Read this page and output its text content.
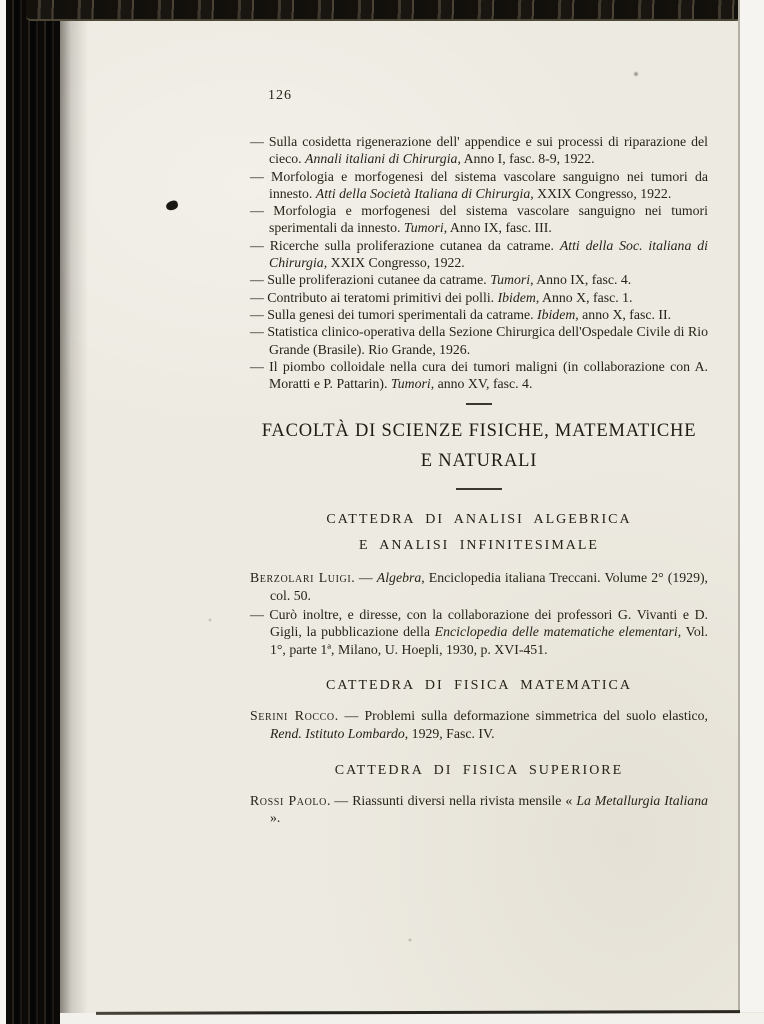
126

— Sulla cosidetta rigenerazione dell' appendice e sui processi di riparazione del cieco. Annali italiani di Chirurgia, Anno I, fasc. 8-9, 1922.

— Morfologia e morfogenesi del sistema vascolare sanguigno nei tumori da innesto. Atti della Società Italiana di Chirurgia, XXIX Congresso, 1922.

— Morfologia e morfogenesi del sistema vascolare sanguigno nei tumori sperimentali da innesto. Tumori, Anno IX, fasc. III.

— Ricerche sulla proliferazione cutanea da catrame. Atti della Soc. italiana di Chirurgia, XXIX Congresso, 1922.

— Sulle proliferazioni cutanee da catrame. Tumori, Anno IX, fasc. 4.

— Contributo ai teratomi primitivi dei polli. Ibidem, Anno X, fasc. 1.

— Sulla genesi dei tumori sperimentali da catrame. Ibidem, anno X, fasc. II.

— Statistica clinico-operativa della Sezione Chirurgica dell'Ospedale Civile di Rio Grande (Brasile). Rio Grande, 1926.

— Il piombo colloidale nella cura dei tumori maligni (in collaborazione con A. Moratti e P. Pattarin). Tumori, anno XV, fasc. 4.

FACOLTÀ DI SCIENZE FISICHE, MATEMATICHE
E NATURALI
CATTEDRA DI ANALISI ALGEBRICA
E ANALISI INFINITESIMALE

Berzolari Luigi. — Algebra, Enciclopedia italiana Treccani. Volume 2° (1929), col. 50.

— Curò inoltre, e diresse, con la collaborazione dei professori G. Vivanti e D. Gigli, la pubblicazione della Enciclopedia delle matematiche elementari, Vol. 1°, parte 1ª, Milano, U. Hoepli, 1930, p. XVI-451.

CATTEDRA DI FISICA MATEMATICA

Serini Rocco. — Problemi sulla deformazione simmetrica del suolo elastico, Rend. Istituto Lombardo, 1929, Fasc. IV.

CATTEDRA DI FISICA SUPERIORE

Rossi Paolo. — Riassunti diversi nella rivista mensile « La Metallurgia Italiana ».
